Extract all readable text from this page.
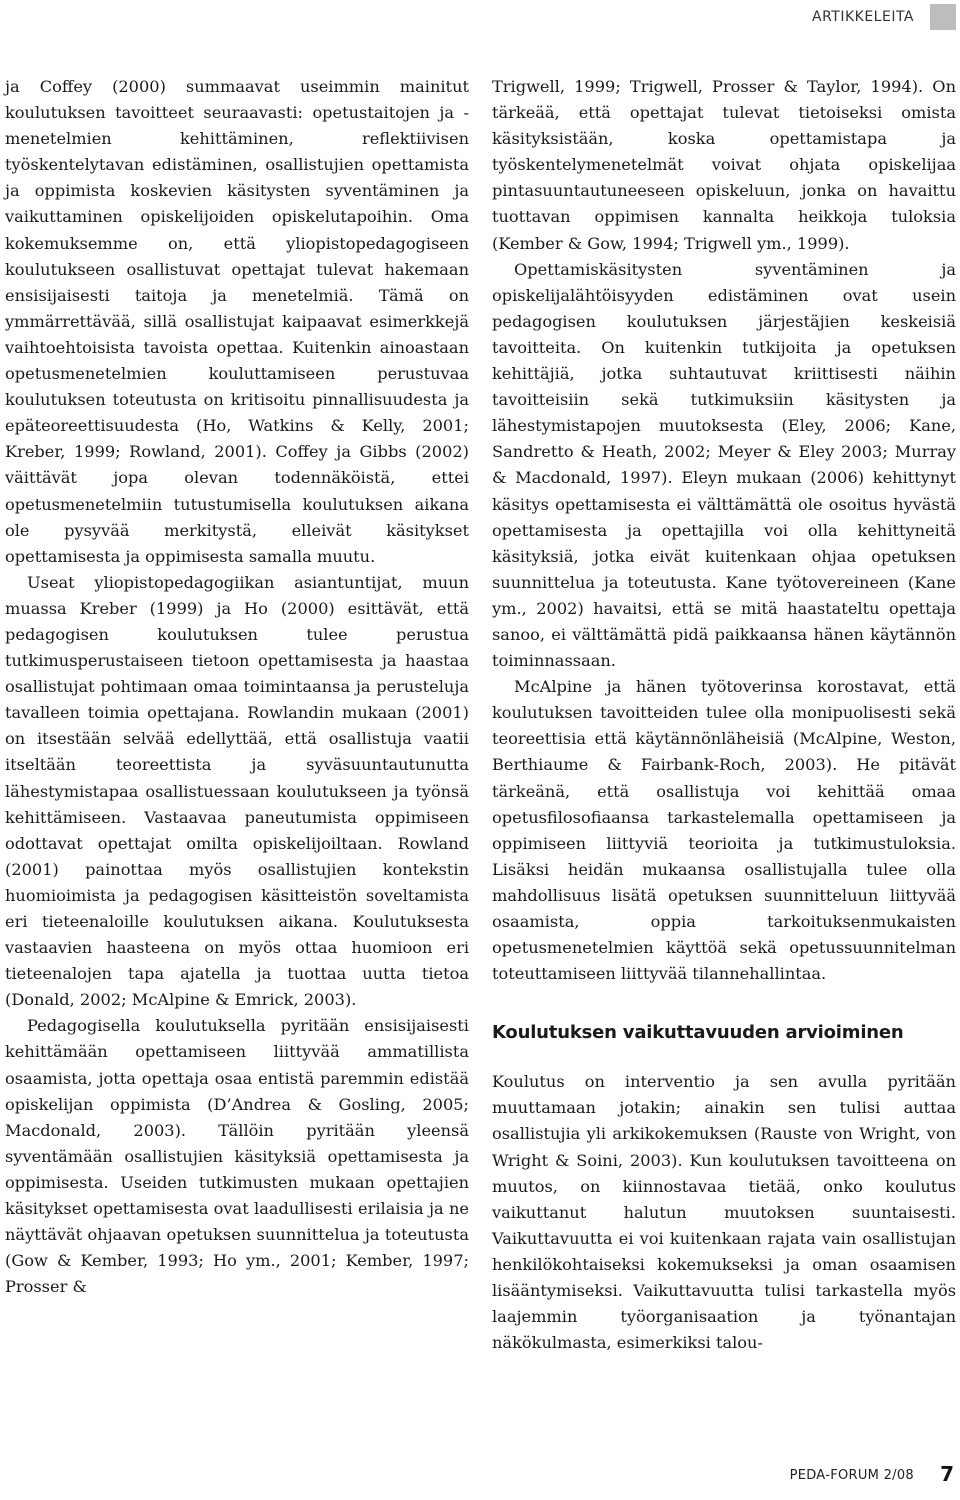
ARTIKKELEITA

ja Coffey (2000) summaavat useimmin mainitut koulutuksen tavoitteet seuraavasti: opetustaitojen ja -menetelmien kehittäminen, reflektiivisen työskentelytavan edistäminen, osallistujien opettamista ja oppimista koskevien käsitysten syventäminen ja vaikuttaminen opiskelijoiden opiskelutapoihin. Oma kokemuksemme on, että yliopistopedagogiseen koulutukseen osallistuvat opettajat tulevat hakemaan ensisijaisesti taitoja ja menetelmiä. Tämä on ymmärrettävää, sillä osallistujat kaipaavat esimerkkejä vaihtoehtoisista tavoista opettaa. Kuitenkin ainoastaan opetusmenetelmien kouluttamiseen perustuvaa koulutuksen toteutusta on kritisoitu pinnallisuudesta ja epäteoreettisuudesta (Ho, Watkins & Kelly, 2001; Kreber, 1999; Rowland, 2001). Coffey ja Gibbs (2002) väittävät jopa olevan todennäköistä, ettei opetusmenetelmiin tutustumisella koulutuksen aikana ole pysyvää merkitystä, elleivät käsitykset opettamisesta ja oppimisesta samalla muutu.

Useat yliopistopedagogiikan asiantuntijat, muun muassa Kreber (1999) ja Ho (2000) esittävät, että pedagogisen koulutuksen tulee perustua tutkimusperustaiseen tietoon opettamisesta ja haastaa osallistujat pohtimaan omaa toimintaansa ja perusteluja tavalleen toimia opettajana. Rowlandin mukaan (2001) on itsestään selvää edellyttää, että osallistuja vaatii itseltään teoreettista ja syväsuuntautunutta lähestymistapaa osallistuessaan koulutukseen ja työnsä kehittämiseen. Vastaavaa paneutumista oppimiseen odottavat opettajat omilta opiskelijoiltaan. Rowland (2001) painottaa myös osallistujien kontekstin huomioimista ja pedagogisen käsitteistön soveltamista eri tieteenaloille koulutuksen aikana. Koulutuksesta vastaavien haasteena on myös ottaa huomioon eri tieteenalojen tapa ajatella ja tuottaa uutta tietoa (Donald, 2002; McAlpine & Emrick, 2003).

Pedagogisella koulutuksella pyritään ensisijaisesti kehittämään opettamiseen liittyvää ammatillista osaamista, jotta opettaja osaa entistä paremmin edistää opiskelijan oppimista (D’Andrea & Gosling, 2005; Macdonald, 2003). Tällöin pyritään yleensä syventämään osallistujien käsityksiä opettamisesta ja oppimisesta. Useiden tutkimusten mukaan opettajien käsitykset opettamisesta ovat laadullisesti erilaisia ja ne näyttävät ohjaavan opetuksen suunnittelua ja toteutusta (Gow & Kember, 1993; Ho ym., 2001; Kember, 1997; Prosser &

Trigwell, 1999; Trigwell, Prosser & Taylor, 1994). On tärkeää, että opettajat tulevat tietoiseksi omista käsityksistään, koska opettamistapa ja työskentelymenetelmät voivat ohjata opiskelijaa pintasuuntautuneeseen opiskeluun, jonka on havaittu tuottavan oppimisen kannalta heikkoja tuloksia (Kember & Gow, 1994; Trigwell ym., 1999).

Opettamiskäsitysten syventäminen ja opiskelijalähtöisyyden edistäminen ovat usein pedagogisen koulutuksen järjestäjien keskeisiä tavoitteita. On kuitenkin tutkijoita ja opetuksen kehittäjiä, jotka suhtautuvat kriittisesti näihin tavoitteisiin sekä tutkimuksiin käsitysten ja lähestymistapojen muutoksesta (Eley, 2006; Kane, Sandretto & Heath, 2002; Meyer & Eley 2003; Murray & Macdonald, 1997). Eleyn mukaan (2006) kehittynyt käsitys opettamisesta ei välttämättä ole osoitus hyvästä opettamisesta ja opettajilla voi olla kehittyneitä käsityksiä, jotka eivät kuitenkaan ohjaa opetuksen suunnittelua ja toteutusta. Kane työtovereineen (Kane ym., 2002) havaitsi, että se mitä haastateltu opettaja sanoo, ei välttämättä pidä paikkaansa hänen käytännön toiminnassaan.

McAlpine ja hänen työtoverinsa korostavat, että koulutuksen tavoitteiden tulee olla monipuolisesti sekä teoreettisia että käytännönläheisiä (McAlpine, Weston, Berthiaume & Fairbank-Roch, 2003). He pitävät tärkeänä, että osallistuja voi kehittää omaa opetusfilosofiaansa tarkastelemalla opettamiseen ja oppimiseen liittyviä teorioita ja tutkimustuloksia. Lisäksi heidän mukaansa osallistujalla tulee olla mahdollisuus lisätä opetuksen suunnitteluun liittyvää osaamista, oppia tarkoituksenmukaisten opetusmenetelmien käyttöä sekä opetussuunnitelman toteuttamiseen liittyvää tilannehallintaa.

Koulutuksen vaikuttavuuden arvioiminen

Koulutus on interventio ja sen avulla pyritään muuttamaan jotakin; ainakin sen tulisi auttaa osallistujia yli arkikokemuksen (Rauste von Wright, von Wright & Soini, 2003). Kun koulutuksen tavoitteena on muutos, on kiinnostavaa tietää, onko koulutus vaikuttanut halutun muutoksen suuntaisesti. Vaikuttavuutta ei voi kuitenkaan rajata vain osallistujan henkilökohtaiseksi kokemukseksi ja oman osaamisen lisääntymiseksi. Vaikuttavuutta tulisi tarkastella myös laajemmin työorganisaation ja työnantajan näkökulmasta, esimerkiksi talou-

PEDA-FORUM 2/08 7
